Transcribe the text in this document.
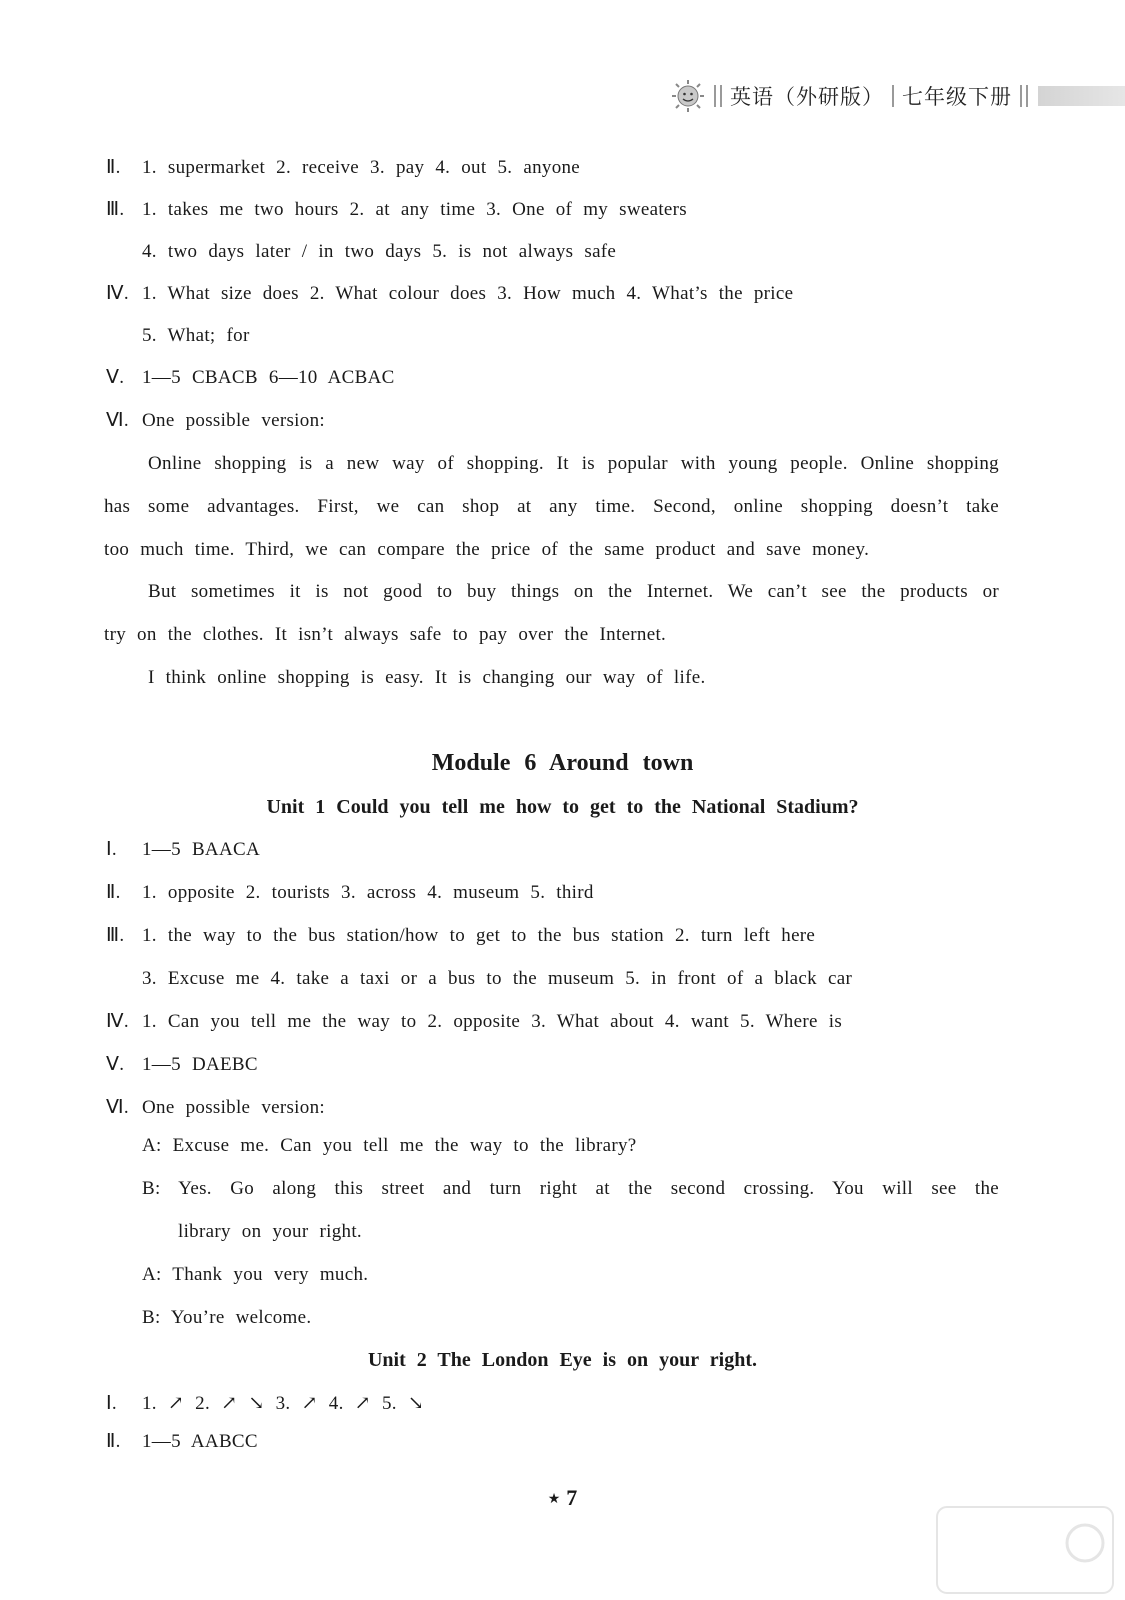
英语（外研版） 七年级下册
Ⅱ. 1. supermarket 2. receive 3. pay 4. out 5. anyone
Ⅲ. 1. takes me two hours 2. at any time 3. One of my sweaters
4. two days later / in two days 5. is not always safe
Ⅳ. 1. What size does 2. What colour does 3. How much 4. What’s the price
5. What; for
Ⅴ. 1—5 CBACB 6—10 ACBAC
Ⅵ. One possible version:
Online shopping is a new way of shopping. It is popular with young people. Online shopping
has some advantages. First, we can shop at any time. Second, online shopping doesn’t take
too much time. Third, we can compare the price of the same product and save money.
But sometimes it is not good to buy things on the Internet. We can’t see the products or
try on the clothes. It isn’t always safe to pay over the Internet.
I think online shopping is easy. It is changing our way of life.
Module 6 Around town
Unit 1 Could you tell me how to get to the National Stadium?
Ⅰ. 1—5 BAACA
Ⅱ. 1. opposite 2. tourists 3. across 4. museum 5. third
Ⅲ. 1. the way to the bus station/how to get to the bus station 2. turn left here
3. Excuse me 4. take a taxi or a bus to the museum 5. in front of a black car
Ⅳ. 1. Can you tell me the way to 2. opposite 3. What about 4. want 5. Where is
Ⅴ. 1—5 DAEBC
Ⅵ. One possible version:
A: Excuse me. Can you tell me the way to the library?
B: Yes. Go along this street and turn right at the second crossing. You will see the
library on your right.
A: Thank you very much.
B: You’re welcome.
Unit 2 The London Eye is on your right.
Ⅰ. 1. ↗ 2. ↗ ↘ 3. ↗ 4. ↗ 5. ↘
Ⅱ. 1—5 AABCC
★ 7
